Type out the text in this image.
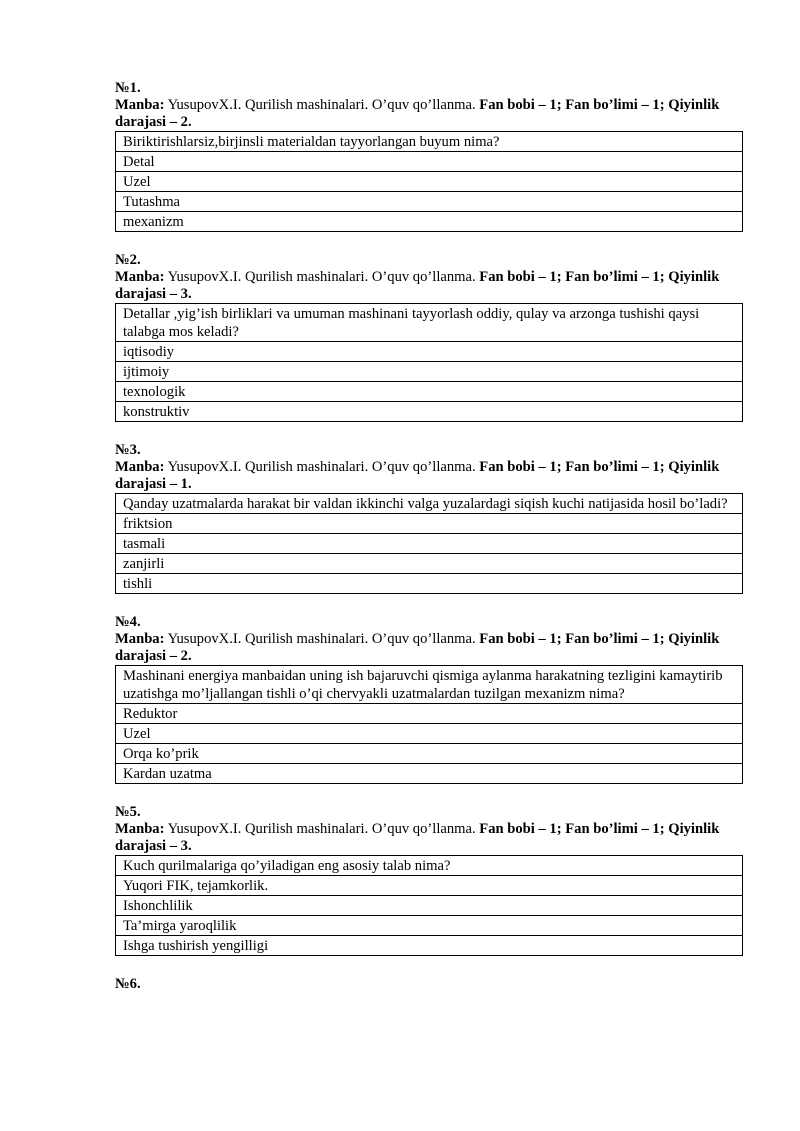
№1.
Manba: YusupovX.I. Qurilish mashinalari. O’quv qo’llanma. Fan bobi – 1; Fan bo’limi – 1; Qiyinlik darajasi – 2.
Biriktirishlarsiz,birjinsli materialdan tayyorlangan buyum nima?
Detal
Uzel
Tutashma
mexanizm
№2.
Manba: YusupovX.I. Qurilish mashinalari. O’quv qo’llanma. Fan bobi – 1; Fan bo’limi – 1; Qiyinlik darajasi – 3.
Detallar ,yig’ish birliklari va umuman mashinani tayyorlash oddiy, qulay va arzonga tushishi qaysi talabga mos keladi?
iqtisodiy
ijtimoiy
texnologik
konstruktiv
№3.
Manba: YusupovX.I. Qurilish mashinalari. O’quv qo’llanma. Fan bobi – 1; Fan bo’limi – 1; Qiyinlik darajasi – 1.
Qanday uzatmalarda harakat bir valdan ikkinchi valga yuzalardagi siqish kuchi natijasida hosil bo’ladi?
friktsion
tasmali
zanjirli
tishli
№4.
Manba: YusupovX.I. Qurilish mashinalari. O’quv qo’llanma. Fan bobi – 1; Fan bo’limi – 1; Qiyinlik darajasi – 2.
Mashinani energiya manbaidan uning ish bajaruvchi qismiga aylanma harakatning tezligini kamaytirib uzatishga mo’ljallangan tishli o’qi chervyakli uzatmalardan tuzilgan mexanizm nima?
Reduktor
Uzel
Orqa ko’prik
Kardan uzatma
№5.
Manba: YusupovX.I. Qurilish mashinalari. O’quv qo’llanma. Fan bobi – 1; Fan bo’limi – 1; Qiyinlik darajasi – 3.
Kuch qurilmalariga qo’yiladigan eng asosiy talab nima?
Yuqori FIK, tejamkorlik.
Ishonchlilik
Ta’mirga yaroqlilik
Ishga tushirish yengilligi
№6.
